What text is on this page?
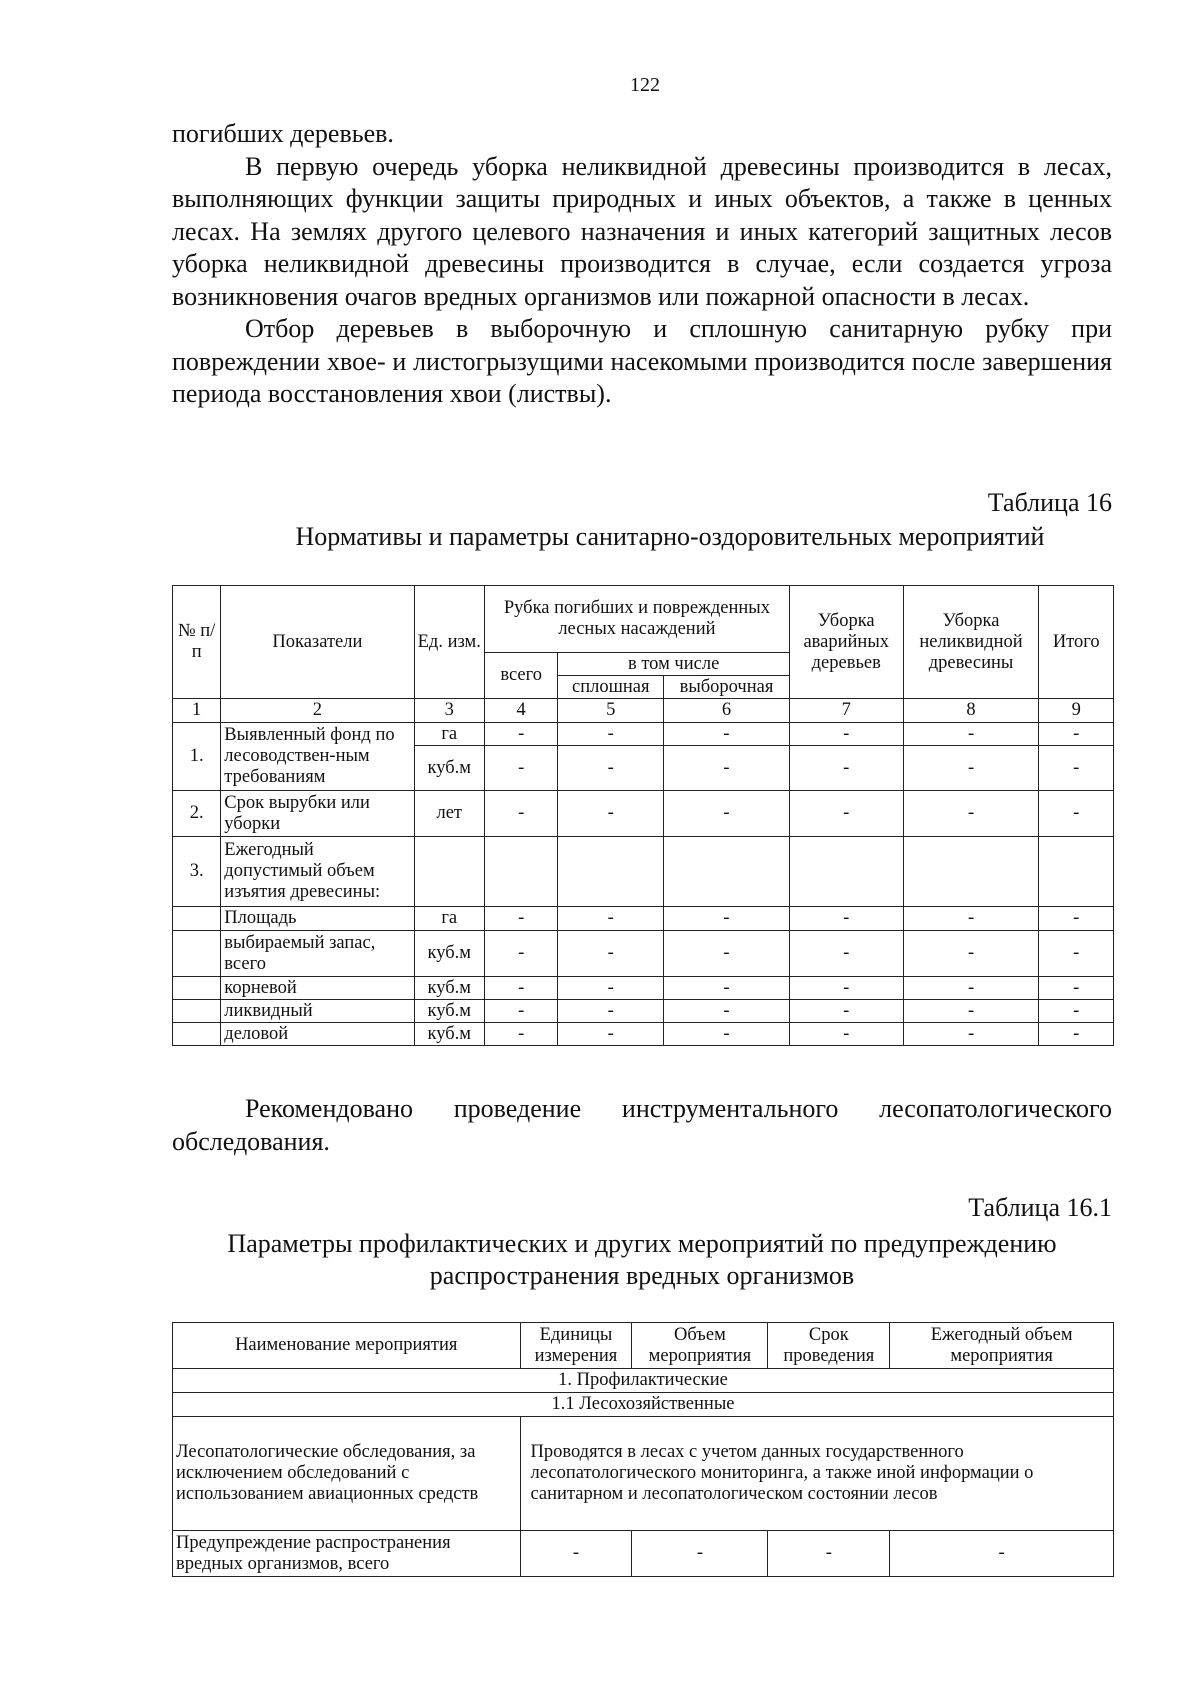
122

погибших деревьев.

В первую очередь уборка неликвидной древесины производится в лесах, выполняющих функции защиты природных и иных объектов, а также в ценных лесах. На землях другого целевого назначения и иных категорий защитных лесов уборка неликвидной древесины производится в случае, если создается угроза возникновения очагов вредных организмов или пожарной опасности в лесах.

Отбор деревьев в выборочную и сплошную санитарную рубку при повреждении хвое- и листогрызущими насекомыми производится после завершения периода восстановления хвои (листвы).

Таблица 16
Нормативы и параметры санитарно-оздоровительных мероприятий
№ п/п	Показатели	Ед. изм.	Рубка погибших и поврежденных лесных насаждений			Уборка аварийных деревьев	Уборка неликвидной древесины	Итого
			всего	в том числе				
				сплошная	выборочная			
1	2	3	4	5	6	7	8	9
1.	Выявленный фонд по лесоводствен-ным требованиям	га	-	-	-	-	-	-
		куб.м	-	-	-	-	-	-
2.	Срок вырубки или уборки	лет	-	-	-	-	-	-
3.	Ежегодный допустимый объем изъятия древесины:							
	Площадь	га	-	-	-	-	-	-
	выбираемый запас, всего	куб.м	-	-	-	-	-	-
	корневой	куб.м	-	-	-	-	-	-
	ликвидный	куб.м	-	-	-	-	-	-
	деловой	куб.м	-	-	-	-	-	-

Рекомендовано проведение инструментального лесопатологического обследования.

Таблица 16.1
Параметры профилактических и других мероприятий по предупреждению
распространения вредных организмов
Наименование мероприятия	Единицы измерения	Объем мероприятия	Срок проведения	Ежегодный объем мероприятия
1. Профилактические				
1.1 Лесохозяйственные				
Лесопатологические обследования, за
исключением обследований с использованием авиационных средств	Проводятся в лесах с учетом данных государственного лесопатологического мониторинга, а также иной информации о санитарном и лесопатологическом состоянии лесов			
Предупреждение распространения вредных организмов, всего	-	-	-	-
